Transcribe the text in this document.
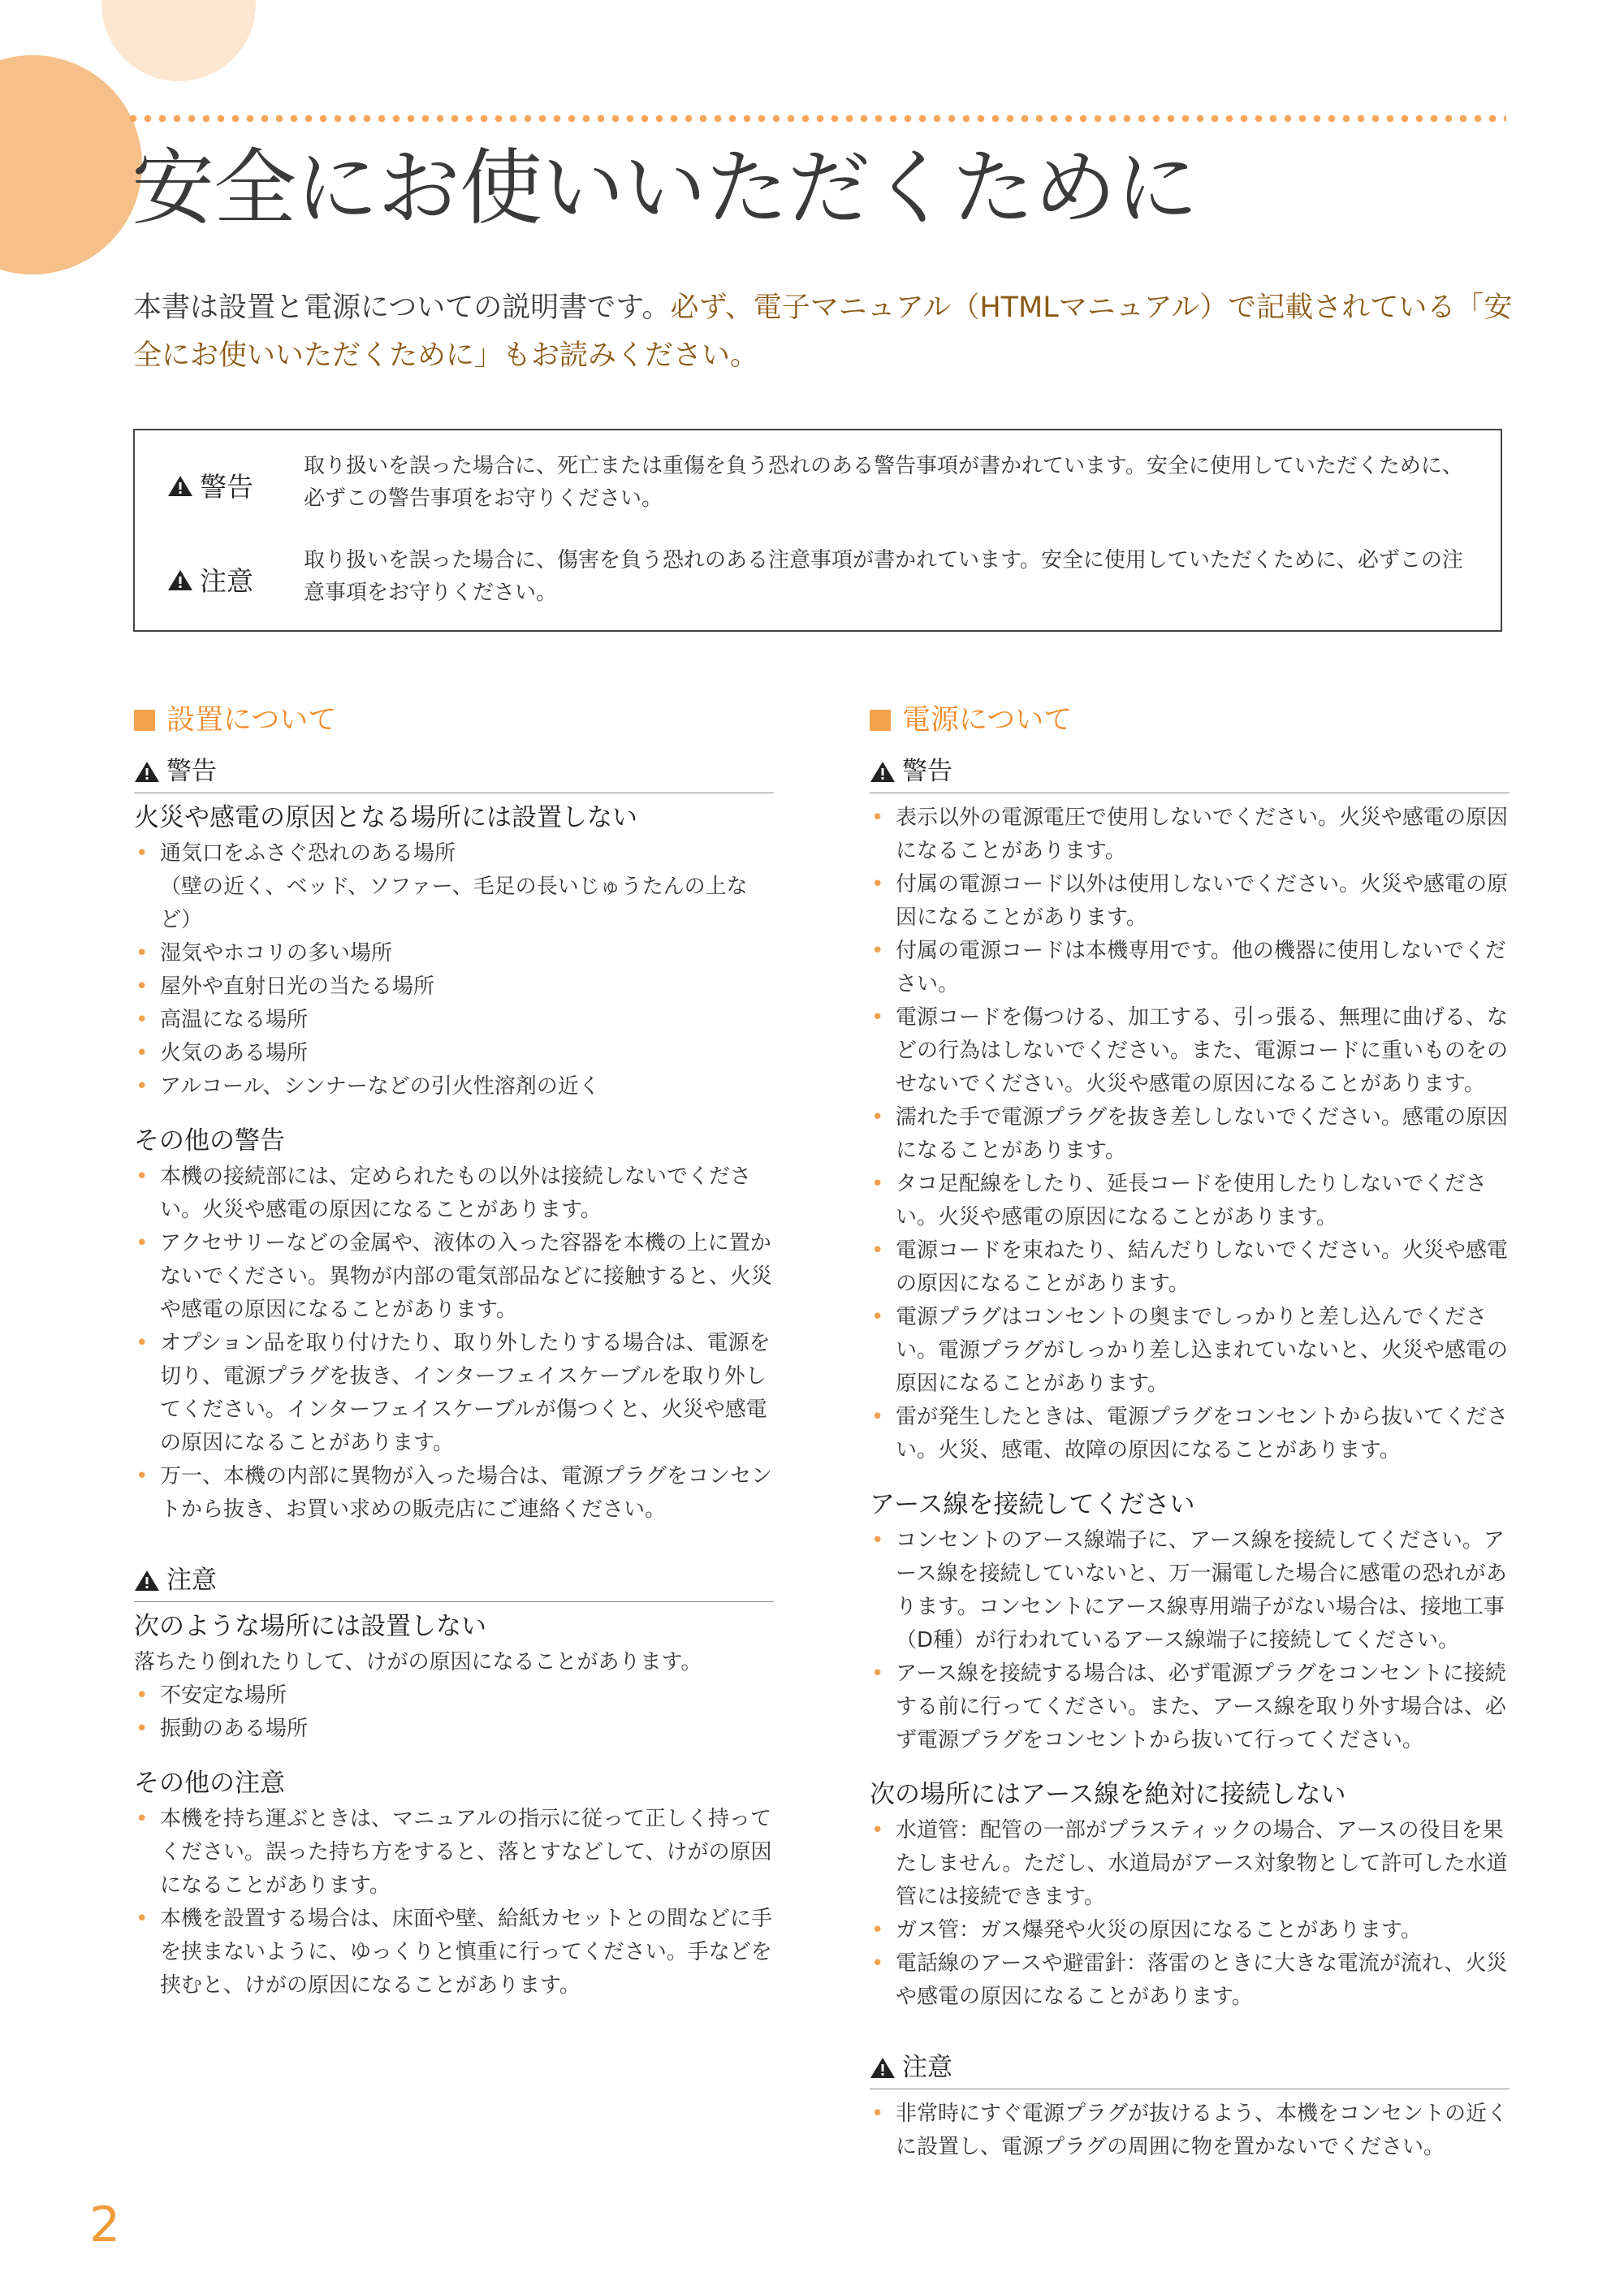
安全にお使いいただくために

本書は設置と電源についての説明書です。必ず、電子マニュアル（HTMLマニュアル）で記載されている「安全にお使いいただくために」もお読みください。

警告
取り扱いを誤った場合に、死亡または重傷を負う恐れのある警告事項が書かれています。安全に使用していただくために、必ずこの警告事項をお守りください。
注意
取り扱いを誤った場合に、傷害を負う恐れのある注意事項が書かれています。安全に使用していただくために、必ずこの注意事項をお守りください。
設置について
警告
火災や感電の原因となる場所には設置しない
• 通気口をふさぐ恐れのある場所
（壁の近く、ベッド、ソファー、毛足の長いじゅうたんの上など）
• 湿気やホコリの多い場所
• 屋外や直射日光の当たる場所
• 高温になる場所
• 火気のある場所
• アルコール、シンナーなどの引火性溶剤の近く
その他の警告
• 本機の接続部には、定められたもの以外は接続しないでください。火災や感電の原因になることがあります。
• アクセサリーなどの金属や、液体の入った容器を本機の上に置かないでください。異物が内部の電気部品などに接触すると、火災や感電の原因になることがあります。
• オプション品を取り付けたり、取り外したりする場合は、電源を切り、電源プラグを抜き、インターフェイスケーブルを取り外してください。インターフェイスケーブルが傷つくと、火災や感電の原因になることがあります。
• 万一、本機の内部に異物が入った場合は、電源プラグをコンセントから抜き、お買い求めの販売店にご連絡ください。
注意
次のような場所には設置しない

落ちたり倒れたりして、けがの原因になることがあります。

• 不安定な場所
• 振動のある場所
その他の注意
• 本機を持ち運ぶときは、マニュアルの指示に従って正しく持ってください。誤った持ち方をすると、落とすなどして、けがの原因になることがあります。
• 本機を設置する場合は、床面や壁、給紙カセットとの間などに手を挟まないように、ゆっくりと慎重に行ってください。手などを挟むと、けがの原因になることがあります。
電源について
警告
• 表示以外の電源電圧で使用しないでください。火災や感電の原因になることがあります。
• 付属の電源コード以外は使用しないでください。火災や感電の原因になることがあります。
• 付属の電源コードは本機専用です。他の機器に使用しないでください。
• 電源コードを傷つける、加工する、引っ張る、無理に曲げる、などの行為はしないでください。また、電源コードに重いものをのせないでください。火災や感電の原因になることがあります。
• 濡れた手で電源プラグを抜き差ししないでください。感電の原因になることがあります。
• タコ足配線をしたり、延長コードを使用したりしないでください。火災や感電の原因になることがあります。
• 電源コードを束ねたり、結んだりしないでください。火災や感電の原因になることがあります。
• 電源プラグはコンセントの奥までしっかりと差し込んでください。電源プラグがしっかり差し込まれていないと、火災や感電の原因になることがあります。
• 雷が発生したときは、電源プラグをコンセントから抜いてください。火災、感電、故障の原因になることがあります。
アース線を接続してください
• コンセントのアース線端子に、アース線を接続してください。アース線を接続していないと、万一漏電した場合に感電の恐れがあります。コンセントにアース線専用端子がない場合は、接地工事（D種）が行われているアース線端子に接続してください。
• アース線を接続する場合は、必ず電源プラグをコンセントに接続する前に行ってください。また、アース線を取り外す場合は、必ず電源プラグをコンセントから抜いて行ってください。
次の場所にはアース線を絶対に接続しない
• 水道管：配管の一部がプラスティックの場合、アースの役目を果たしません。ただし、水道局がアース対象物として許可した水道管には接続できます。
• ガス管：ガス爆発や火災の原因になることがあります。
• 電話線のアースや避雷針：落雷のときに大きな電流が流れ、火災や感電の原因になることがあります。
注意
• 非常時にすぐ電源プラグが抜けるよう、本機をコンセントの近くに設置し、電源プラグの周囲に物を置かないでください。
2
